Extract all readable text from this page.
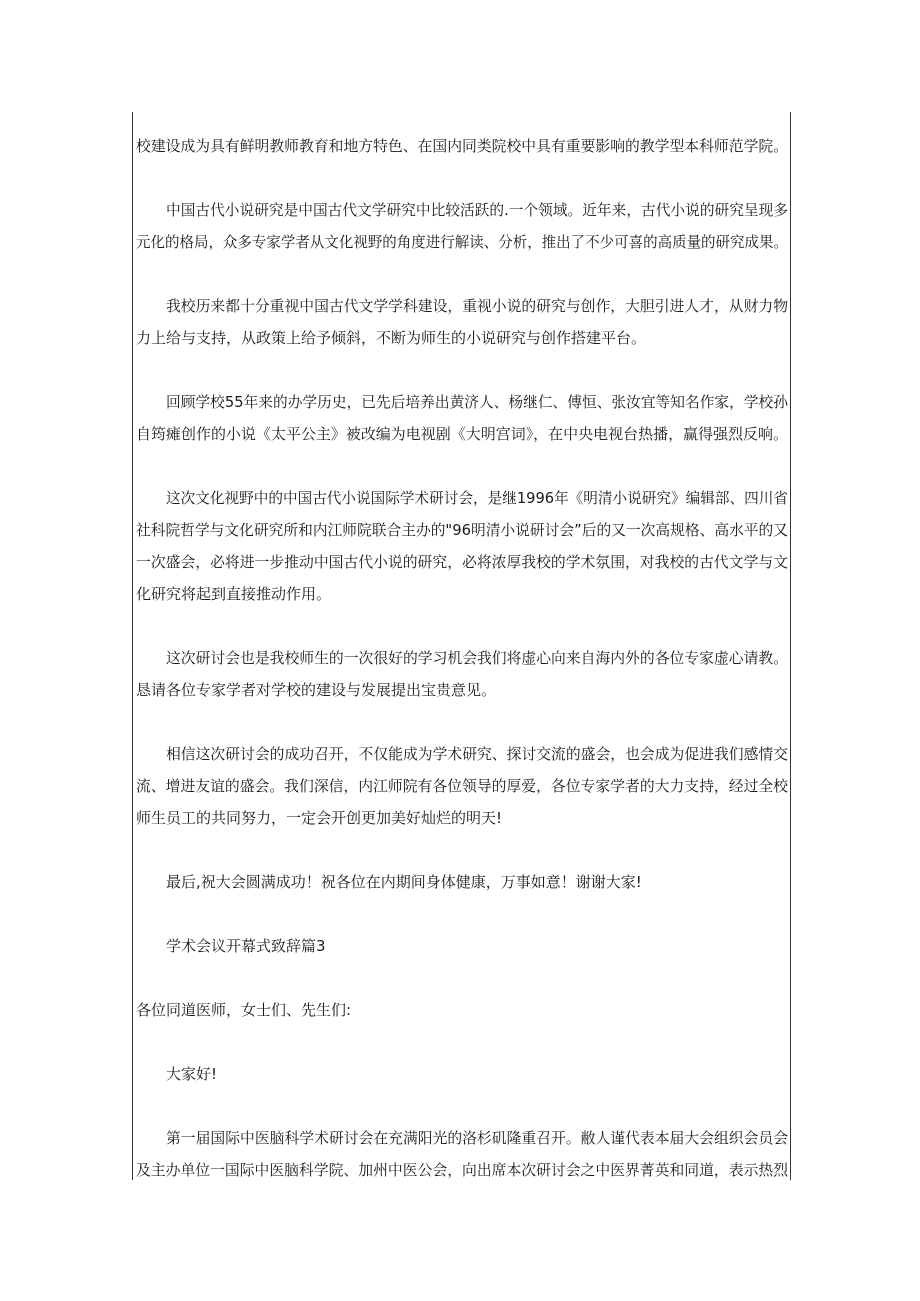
校建设成为具有鲜明教师教育和地方特色、在国内同类院校中具有重要影响的教学型本科师范学院。
中国古代小说研究是中国古代文学研究中比较活跃的.一个领域。近年来，古代小说的研究呈现多
元化的格局，众多专家学者从文化视野的角度进行解读、分析，推出了不少可喜的高质量的研究成果。
我校历来都十分重视中国古代文学学科建设，重视小说的研究与创作，大胆引进人才，从财力物
力上给与支持，从政策上给予倾斜，不断为师生的小说研究与创作搭建平台。
回顾学校55年来的办学历史，已先后培养出黄济人、杨继仁、傅恒、张汝宜等知名作家，学校孙
自筠瘫创作的小说《太平公主》被改编为电视剧《大明宫词》，在中央电视台热播，赢得强烈反响。
这次文化视野中的中国古代小说国际学术研讨会，是继1996年《明清小说研究》编辑部、四川省
社科院哲学与文化研究所和内江师院联合主办的"96明清小说研讨会”后的又一次高规格、高水平的又
一次盛会，必将进一步推动中国古代小说的研究，必将浓厚我校的学术氛围，对我校的古代文学与文
化研究将起到直接推动作用。
这次研讨会也是我校师生的一次很好的学习机会我们将虚心向来自海内外的各位专家虚心请教。
恳请各位专家学者对学校的建设与发展提出宝贵意见。
相信这次研讨会的成功召开，不仅能成为学术研究、探讨交流的盛会，也会成为促进我们感情交
流、增进友谊的盛会。我们深信，内江师院有各位领导的厚爱，各位专家学者的大力支持，经过全校
师生员工的共同努力，一定会开创更加美好灿烂的明天!
最后,祝大会圆满成功！祝各位在内期间身体健康，万事如意！谢谢大家!
学术会议开幕式致辞篇3
各位同道医师，女士们、先生们:
大家好!
第一届国际中医脑科学术研讨会在充满阳光的洛杉矶隆重召开。敝人谨代表本届大会组织会员会
及主办单位一国际中医脑科学院、加州中医公会，向出席本次研讨会之中医界菁英和同道，表示热烈
